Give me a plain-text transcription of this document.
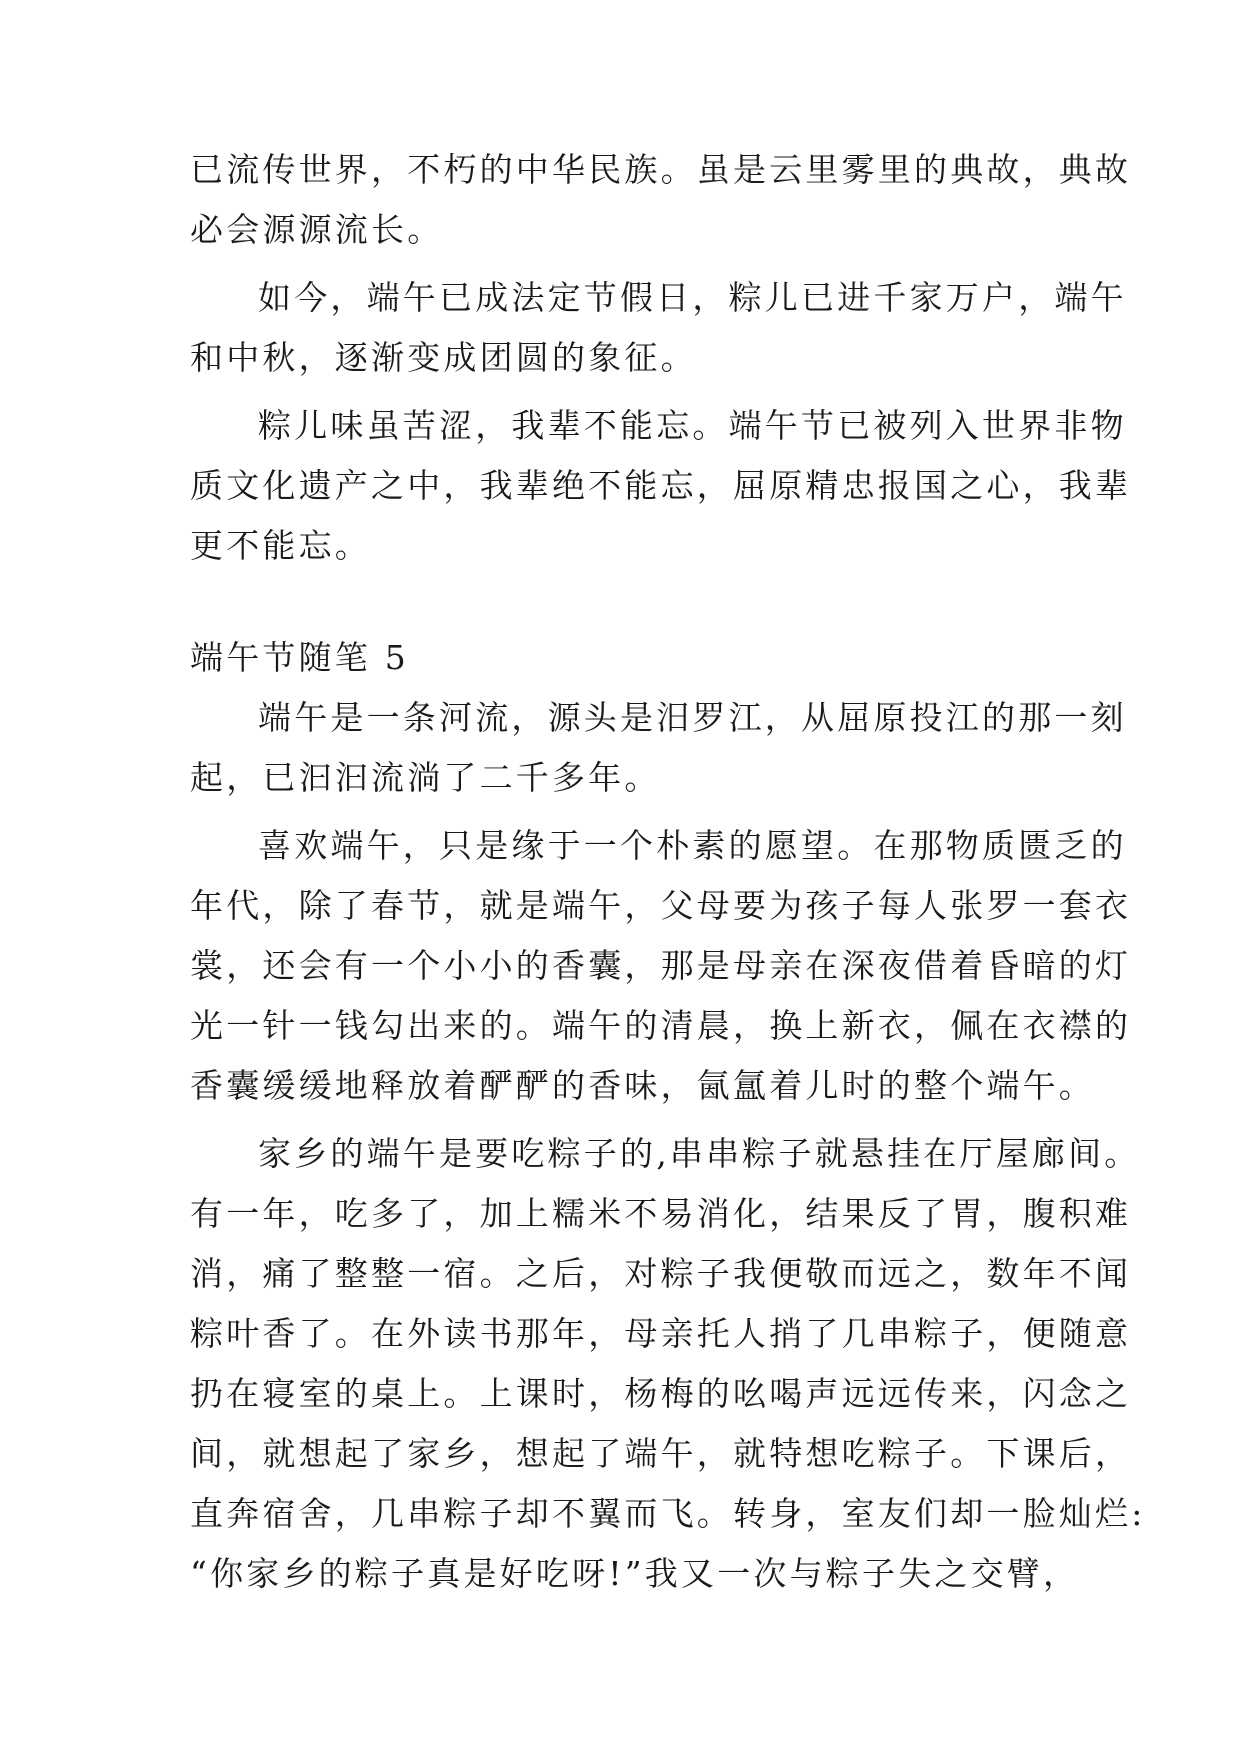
已流传世界，不朽的中华民族。虽是云里雾里的典故，典故
必会源源流长。
如今，端午已成法定节假日，粽儿已进千家万户，端午
和中秋，逐渐变成团圆的象征。
粽儿味虽苦涩，我辈不能忘。端午节已被列入世界非物
质文化遗产之中，我辈绝不能忘，屈原精忠报国之心，我辈
更不能忘。
端午节随笔 5
端午是一条河流，源头是汨罗江，从屈原投江的那一刻
起，已汩汩流淌了二千多年。
喜欢端午，只是缘于一个朴素的愿望。在那物质匮乏的
年代，除了春节，就是端午，父母要为孩子每人张罗一套衣
裳，还会有一个小小的香囊，那是母亲在深夜借着昏暗的灯
光一针一钱勾出来的。端午的清晨，换上新衣，佩在衣襟的
香囊缓缓地释放着酽酽的香味，氤氲着儿时的整个端午。
家乡的端午是要吃粽子的,串串粽子就悬挂在厅屋廊间。
有一年，吃多了，加上糯米不易消化，结果反了胃，腹积难
消，痛了整整一宿。之后，对粽子我便敬而远之，数年不闻
粽叶香了。在外读书那年，母亲托人捎了几串粽子，便随意
扔在寝室的桌上。上课时，杨梅的吆喝声远远传来，闪念之
间，就想起了家乡，想起了端午，就特想吃粽子。下课后，
直奔宿舍，几串粽子却不翼而飞。转身，室友们却一脸灿烂:
“你家乡的粽子真是好吃呀!”我又一次与粽子失之交臂，
